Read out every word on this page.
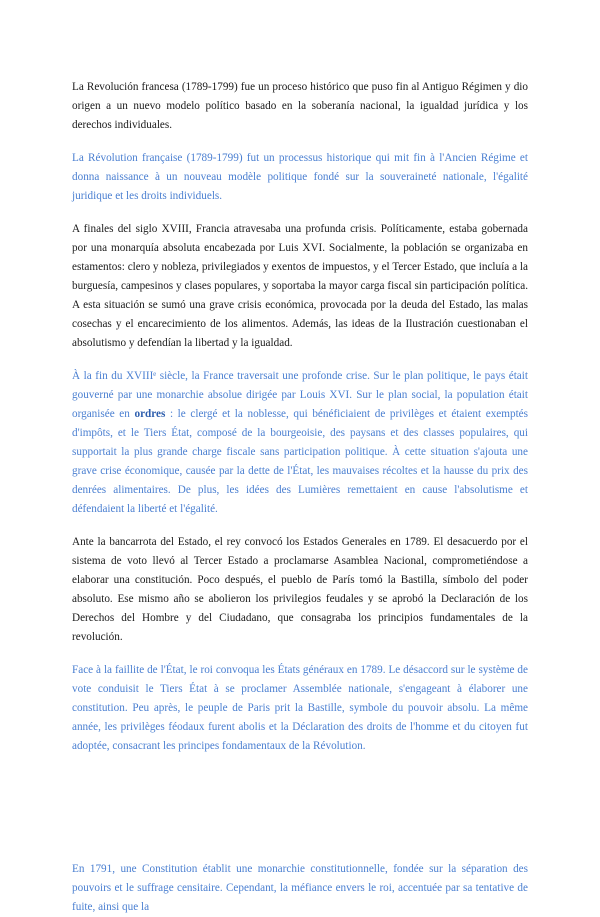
La Revolución francesa (1789-1799) fue un proceso histórico que puso fin al Antiguo Régimen y dio origen a un nuevo modelo político basado en la soberanía nacional, la igualdad jurídica y los derechos individuales.

La Révolution française (1789-1799) fut un processus historique qui mit fin à l'Ancien Régime et donna naissance à un nouveau modèle politique fondé sur la souveraineté nationale, l'égalité juridique et les droits individuels.

A finales del siglo XVIII, Francia atravesaba una profunda crisis. Políticamente, estaba gobernada por una monarquía absoluta encabezada por Luis XVI. Socialmente, la población se organizaba en estamentos: clero y nobleza, privilegiados y exentos de impuestos, y el Tercer Estado, que incluía a la burguesía, campesinos y clases populares, y soportaba la mayor carga fiscal sin participación política. A esta situación se sumó una grave crisis económica, provocada por la deuda del Estado, las malas cosechas y el encarecimiento de los alimentos. Además, las ideas de la Ilustración cuestionaban el absolutismo y defendían la libertad y la igualdad.

À la fin du XVIIIᵉ siècle, la France traversait une profonde crise. Sur le plan politique, le pays était gouverné par une monarchie absolue dirigée par Louis XVI. Sur le plan social, la population était organisée en ordres : le clergé et la noblesse, qui bénéficiaient de privilèges et étaient exemptés d'impôts, et le Tiers État, composé de la bourgeoisie, des paysans et des classes populaires, qui supportait la plus grande charge fiscale sans participation politique. À cette situation s'ajouta une grave crise économique, causée par la dette de l'État, les mauvaises récoltes et la hausse du prix des denrées alimentaires. De plus, les idées des Lumières remettaient en cause l'absolutisme et défendaient la liberté et l'égalité.

Ante la bancarrota del Estado, el rey convocó los Estados Generales en 1789. El desacuerdo por el sistema de voto llevó al Tercer Estado a proclamarse Asamblea Nacional, comprometiéndose a elaborar una constitución. Poco después, el pueblo de París tomó la Bastilla, símbolo del poder absoluto. Ese mismo año se abolieron los privilegios feudales y se aprobó la Declaración de los Derechos del Hombre y del Ciudadano, que consagraba los principios fundamentales de la revolución.

Face à la faillite de l'État, le roi convoqua les États généraux en 1789. Le désaccord sur le système de vote conduisit le Tiers État à se proclamer Assemblée nationale, s'engageant à élaborer une constitution. Peu après, le peuple de Paris prit la Bastille, symbole du pouvoir absolu. La même année, les privilèges féodaux furent abolis et la Déclaration des droits de l'homme et du citoyen fut adoptée, consacrant les principes fondamentaux de la Révolution.

En 1791, une Constitution établit une monarchie constitutionnelle, fondée sur la séparation des pouvoirs et le suffrage censitaire. Cependant, la méfiance envers le roi, accentuée par sa tentative de fuite, ainsi que la
